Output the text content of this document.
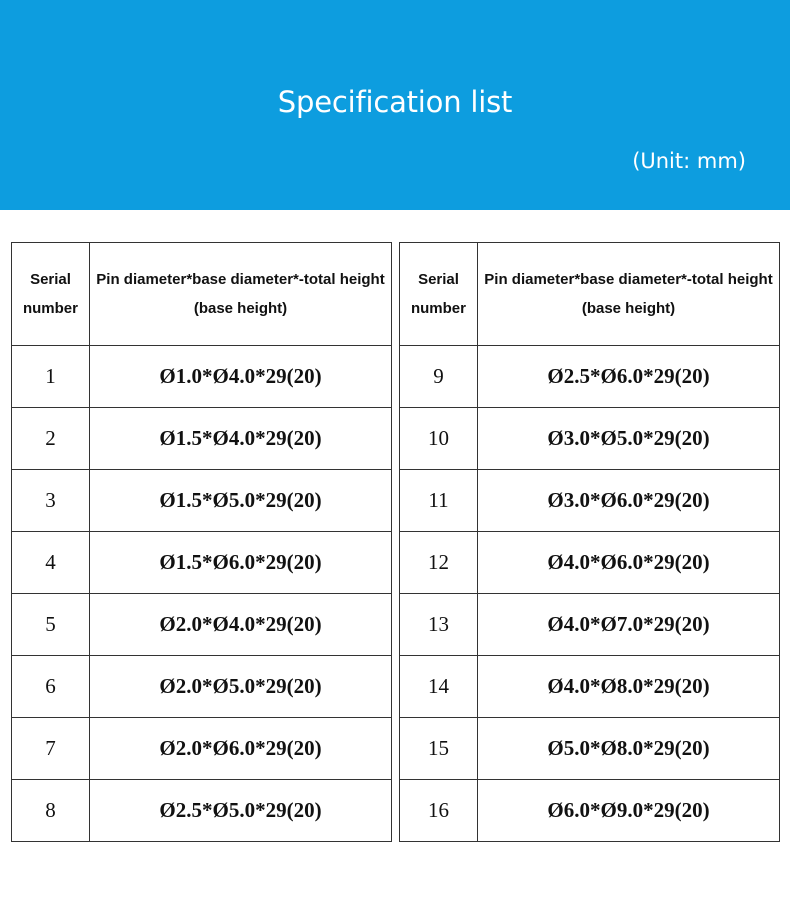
Specification list
(Unit: mm)
Serial number	Pin diameter*base diameter*-total height (base height)
1	Ø1.0*Ø4.0*29(20)
2	Ø1.5*Ø4.0*29(20)
3	Ø1.5*Ø5.0*29(20)
4	Ø1.5*Ø6.0*29(20)
5	Ø2.0*Ø4.0*29(20)
6	Ø2.0*Ø5.0*29(20)
7	Ø2.0*Ø6.0*29(20)
8	Ø2.5*Ø5.0*29(20)
Serial number	Pin diameter*base diameter*-total height (base height)
9	Ø2.5*Ø6.0*29(20)
10	Ø3.0*Ø5.0*29(20)
11	Ø3.0*Ø6.0*29(20)
12	Ø4.0*Ø6.0*29(20)
13	Ø4.0*Ø7.0*29(20)
14	Ø4.0*Ø8.0*29(20)
15	Ø5.0*Ø8.0*29(20)
16	Ø6.0*Ø9.0*29(20)
